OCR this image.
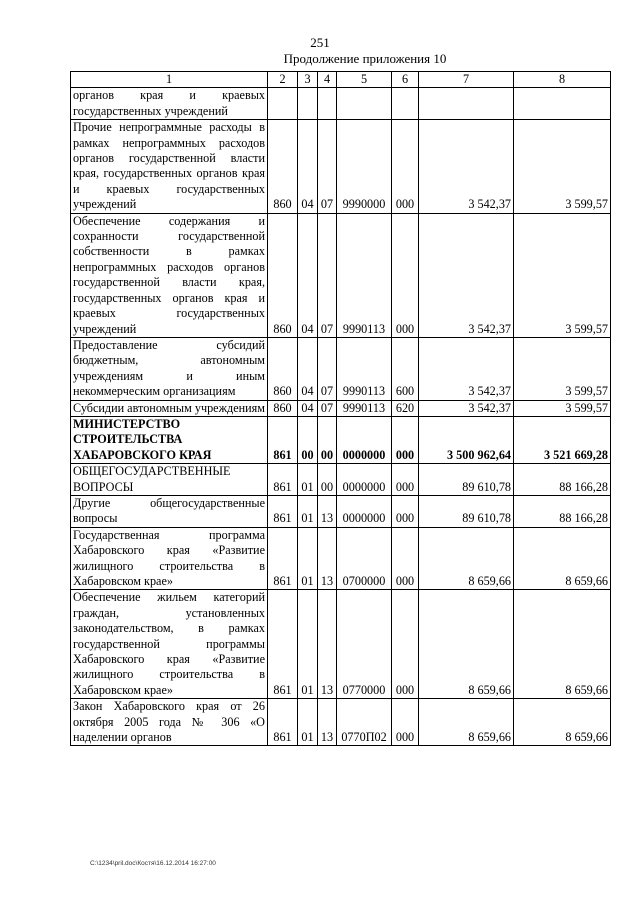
251
Продолжение приложения 10
1	2	3	4	5	6	7	8
органов края и краевых государственных учреждений							
Прочие непрограммные расходы в рамках непрограммных расходов органов государственной власти края, государственных органов края и краевых государственных учреждений	860	04	07	9990000	000	3 542,37	3 599,57
Обеспечение содержания и сохранности государственной собственности в рамках непрограммных расходов органов государственной власти края, государственных органов края и краевых государственных учреждений	860	04	07	9990113	000	3 542,37	3 599,57
Предоставление субсидий бюджетным, автономным учреждениям и иным некоммерческим организациям	860	04	07	9990113	600	3 542,37	3 599,57
Субсидии автономным учреждениям	860	04	07	9990113	620	3 542,37	3 599,57
МИНИСТЕРСТВО СТРОИТЕЛЬСТВА ХАБАРОВСКОГО КРАЯ	861	00	00	0000000	000	3 500 962,64	3 521 669,28
ОБЩЕГОСУДАРСТВЕННЫЕ ВОПРОСЫ	861	01	00	0000000	000	89 610,78	88 166,28
Другие общегосударственные вопросы	861	01	13	0000000	000	89 610,78	88 166,28
Государственная программа Хабаровского края «Развитие жилищного строительства в Хабаровском крае»	861	01	13	0700000	000	8 659,66	8 659,66
Обеспечение жильем категорий граждан, установленных законодательством, в рамках государственной программы Хабаровского края «Развитие жилищного строительства в Хабаровском крае»	861	01	13	0770000	000	8 659,66	8 659,66
Закон Хабаровского края от 26 октября 2005 года № 306 «О наделении органов	861	01	13	0770П02	000	8 659,66	8 659,66
C:\1234\pril.doc\Костя\16.12.2014 16:27:00
